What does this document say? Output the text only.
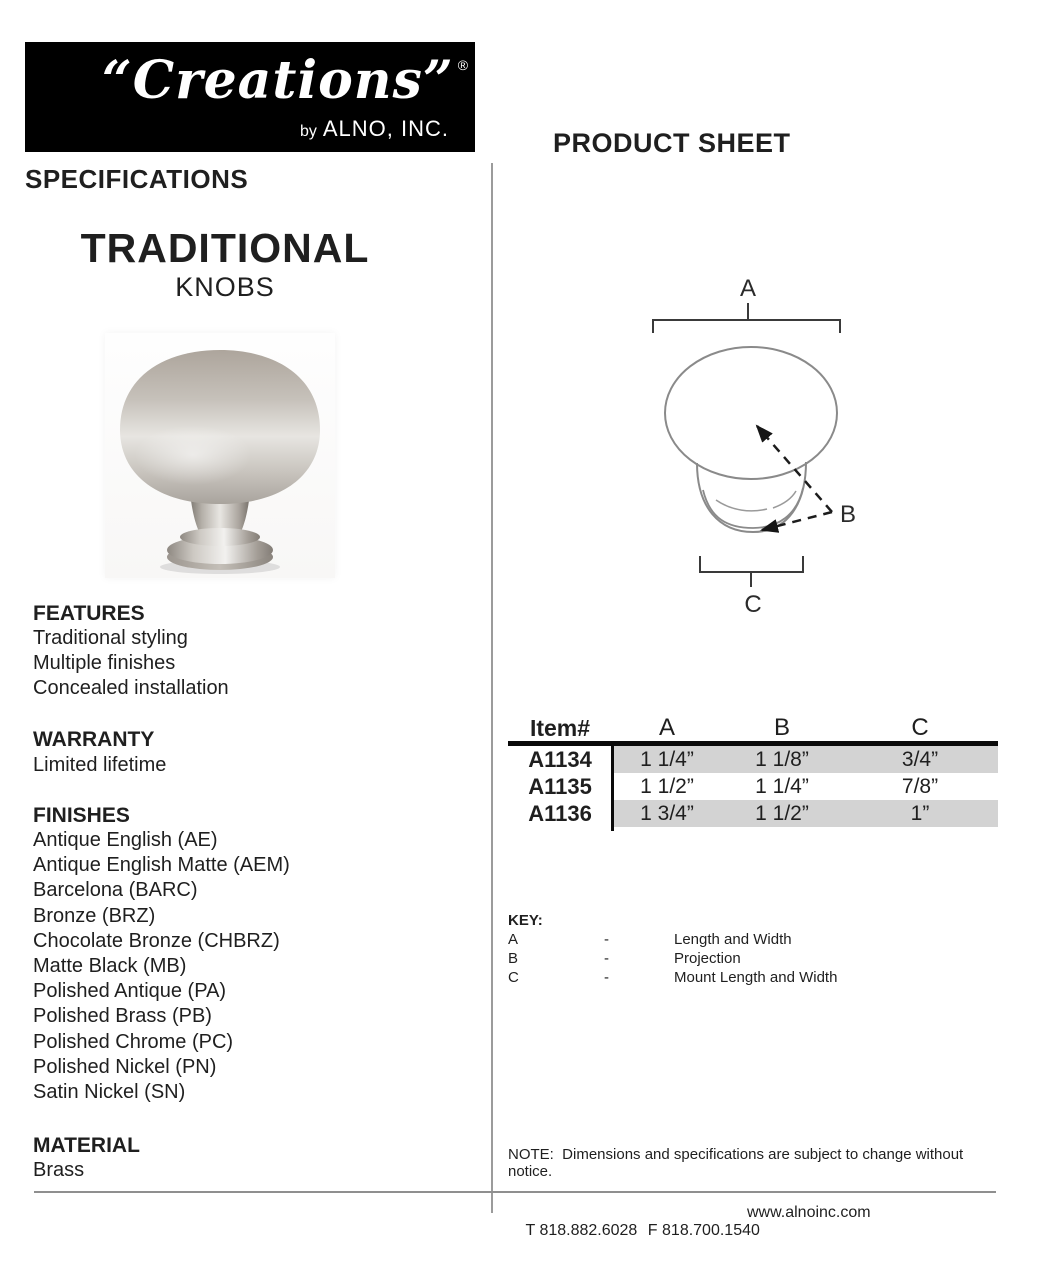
“Creations” ®
by ALNO, INC.
SPECIFICATIONS
PRODUCT SHEET
TRADITIONAL
KNOBS
FEATURES
Traditional styling
Multiple finishes
Concealed installation
WARRANTY
Limited lifetime
FINISHES
Antique English (AE)
Antique English Matte (AEM)
Barcelona (BARC)
Bronze (BRZ)
Chocolate Bronze (CHBRZ)
Matte Black (MB)
Polished Antique (PA)
Polished Brass (PB)
Polished Chrome (PC)
Polished Nickel (PN)
Satin Nickel (SN)
MATERIAL
Brass
A
B
C
Item#	A	B	C
A1134	1 1/4”	1 1/8”	3/4”
A1135	1 1/2”	1 1/4”	7/8”
A1136	1 3/4”	1 1/2”	1”
KEY:
A	-	Length and Width
B	-	Projection
C	-	Mount Length and Width
NOTE:  Dimensions and specifications are subject to change without notice.

T 818.882.6028
F 818.700.1540

www.alnoinc.com
